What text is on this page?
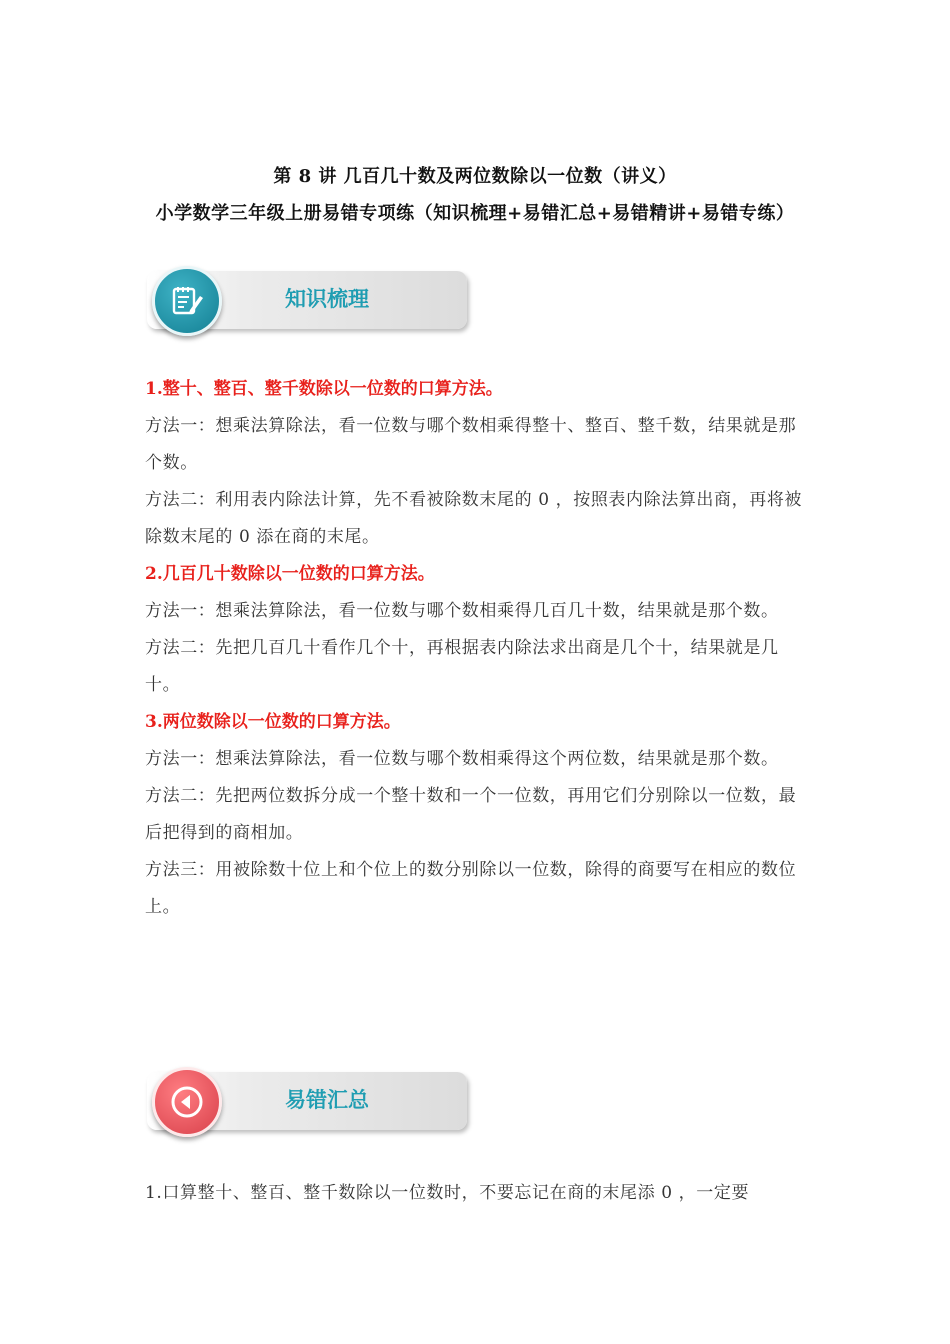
第 8 讲 几百几十数及两位数除以一位数（讲义）
小学数学三年级上册易错专项练（知识梳理+易错汇总+易错精讲+易错专练）
知识梳理

1.整十、整百、整千数除以一位数的口算方法。

方法一：想乘法算除法，看一位数与哪个数相乘得整十、整百、整千数，结果就是那个数。

方法二：利用表内除法计算，先不看被除数末尾的 0 ，按照表内除法算出商，再将被除数末尾的 0 添在商的末尾。

2.几百几十数除以一位数的口算方法。

方法一：想乘法算除法，看一位数与哪个数相乘得几百几十数，结果就是那个数。

方法二：先把几百几十看作几个十，再根据表内除法求出商是几个十，结果就是几十。

3.两位数除以一位数的口算方法。

方法一：想乘法算除法，看一位数与哪个数相乘得这个两位数，结果就是那个数。

方法二：先把两位数拆分成一个整十数和一个一位数，再用它们分别除以一位数，最后把得到的商相加。

方法三：用被除数十位上和个位上的数分别除以一位数，除得的商要写在相应的数位上。

易错汇总

1.口算整十、整百、整千数除以一位数时，不要忘记在商的末尾添 0 ，一定要
